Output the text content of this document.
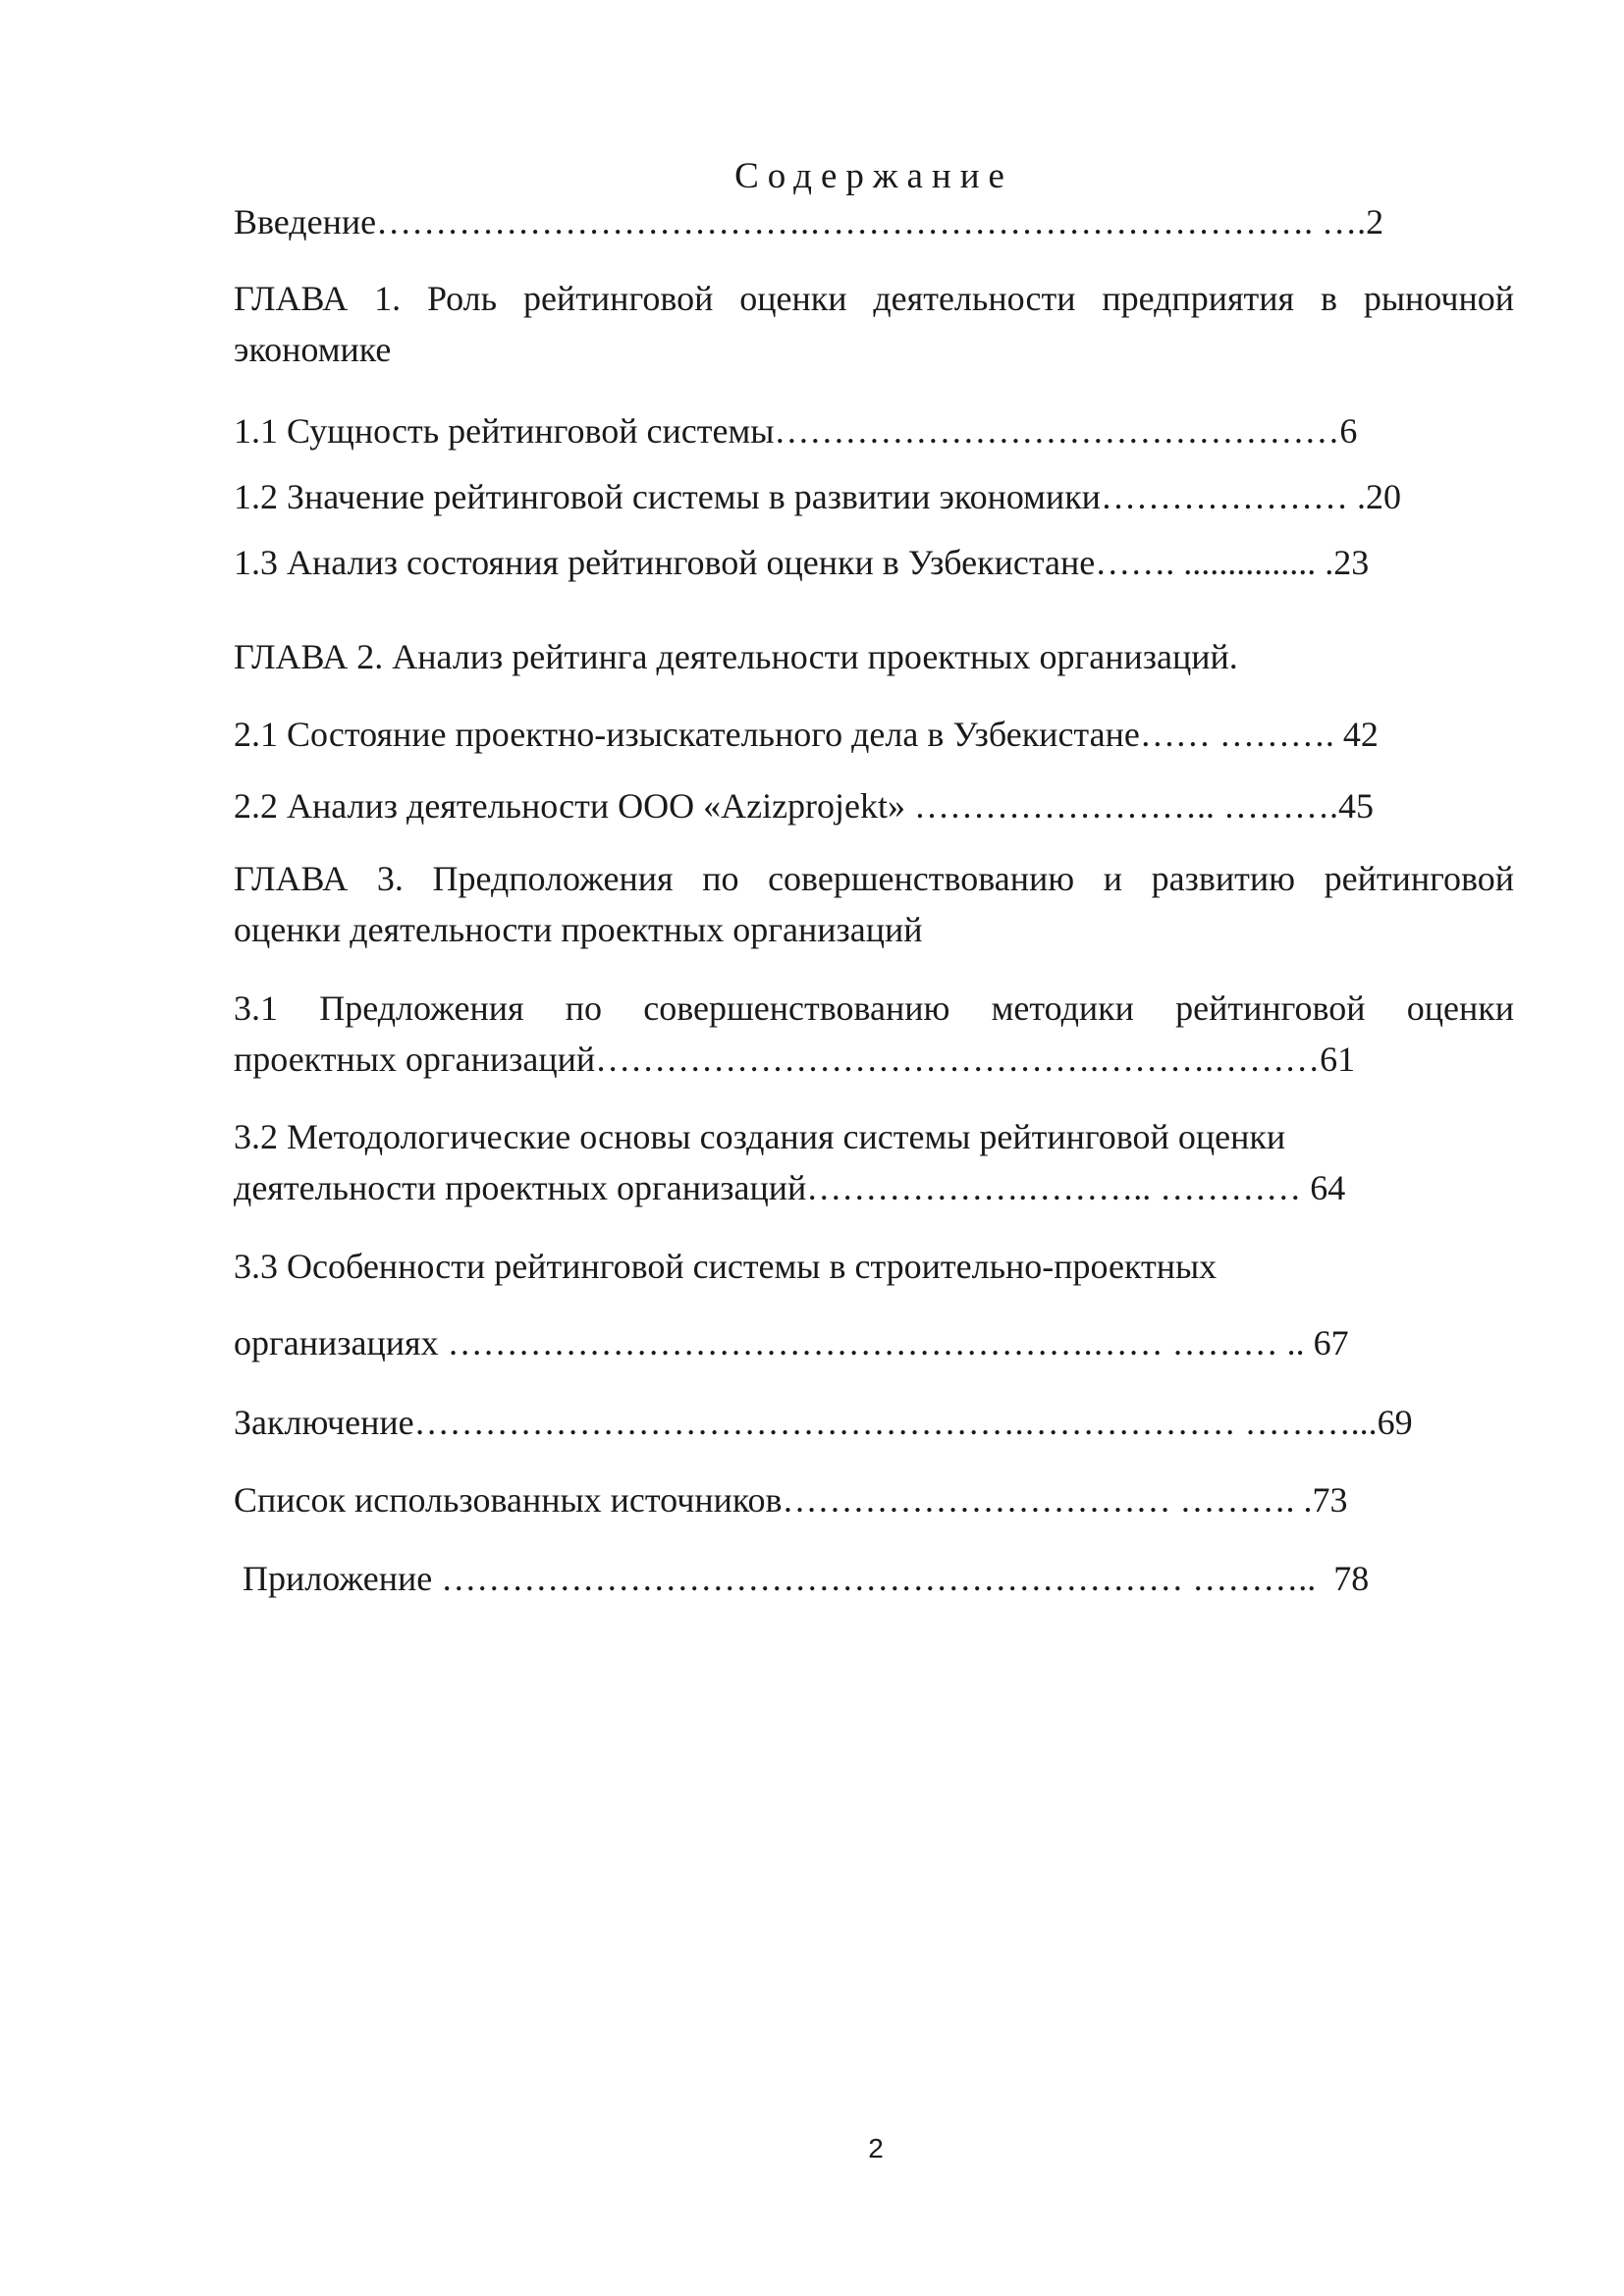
Содержание
Введение……………………………….……………………………………. ….2
ГЛАВА 1. Роль рейтинговой оценки деятельности предприятия в рыночной
экономике
1.1 Сущность рейтинговой системы…………………………………………6
1.2 Значение рейтинговой системы в развитии экономики………………… .20
1.3 Анализ состояния рейтинговой оценки в Узбекистане……. ............... .23
ГЛАВА 2. Анализ рейтинга деятельности проектных организаций.
2.1 Состояние проектно-изыскательного дела в Узбекистане…… ………. 42
2.2 Анализ деятельности ООО «Azizprojekt» …………………….. ……….45
ГЛАВА 3. Предположения по совершенствованию и развитию рейтинговой
оценки деятельности проектных организаций
3.1 Предложения по совершенствованию методики рейтинговой оценки
проектных организаций…………………………………….……….………61
3.2 Методологические основы создания системы рейтинговой оценки
деятельности проектных организаций……………….……….. ………… 64
3.3 Особенности рейтинговой системы в строительно-проектных
организациях ……………………………………………….…… ……… .. 67
Заключение…………………………………………….……………… ………...69
Список использованных источников…………………………… ………. .73
Приложение ……………………………………………………… ………..  78
2
